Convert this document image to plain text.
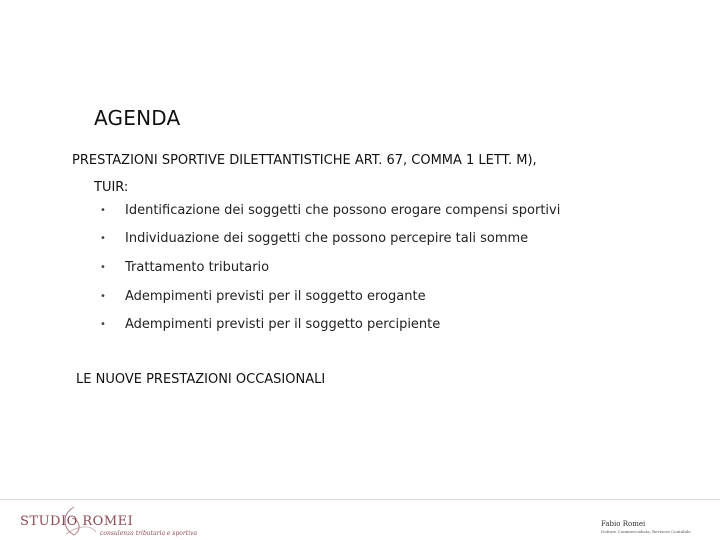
AGENDA
PRESTAZIONI SPORTIVE DILETTANTISTICHE ART. 67, COMMA 1 LETT. M),
TUIR:
•	Identificazione dei soggetti che possono erogare compensi sportivi
•	Individuazione dei soggetti che possono percepire tali somme
•	Trattamento tributario
•	Adempimenti previsti per il soggetto erogante
•	Adempimenti previsti per il soggetto percipiente
LE NUOVE PRESTAZIONI OCCASIONALI
STUDIO ROMEI
consulenza tributaria e sportiva
Fabio Romei
Dottore Commercialista, Revisore Contabile
